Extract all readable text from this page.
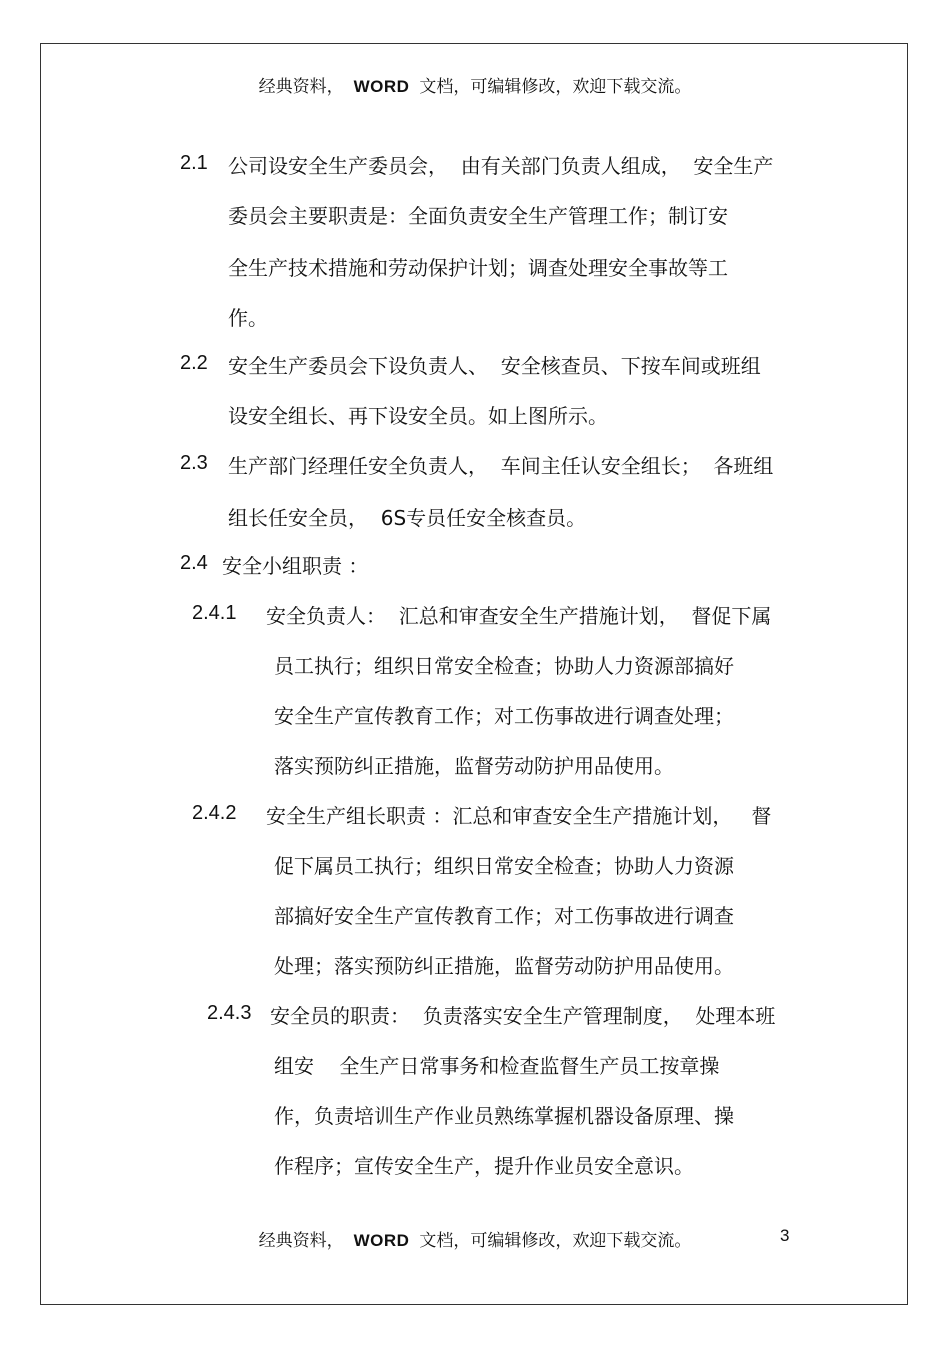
经典资料， WORD 文档，可编辑修改，欢迎下载交流。
2.1 公司设安全生产委员会，  由有关部门负责人组成，  安全生产
委员会主要职责是：全面负责安全生产管理工作；制订安
全生产技术措施和劳动保护计划；调查处理安全事故等工
作。
2.2 安全生产委员会下设负责人、  安全核查员、下按车间或班组
设安全组长、再下设安全员。如上图所示。
2.3 生产部门经理任安全负责人，  车间主任认安全组长；  各班组
组长任安全员，  6S专员任安全核查员。
2.4 安全小组职责 ：
2.4.1 安全负责人：  汇总和审查安全生产措施计划，  督促下属
员工执行；组织日常安全检查；协助人力资源部搞好
安全生产宣传教育工作；对工伤事故进行调查处理；
落实预防纠正措施，监督劳动防护用品使用。
2.4.2 安全生产组长职责 ：汇总和审查安全生产措施计划，   督
促下属员工执行；组织日常安全检查；协助人力资源
部搞好安全生产宣传教育工作；对工伤事故进行调查
处理；落实预防纠正措施，监督劳动防护用品使用。
2.4.3 安全员的职责：  负责落实安全生产管理制度，  处理本班
组安    全生产日常事务和检查监督生产员工按章操
作，负责培训生产作业员熟练掌握机器设备原理、操
作程序；宣传安全生产，提升作业员安全意识。
经典资料， WORD 文档，可编辑修改，欢迎下载交流。	3
